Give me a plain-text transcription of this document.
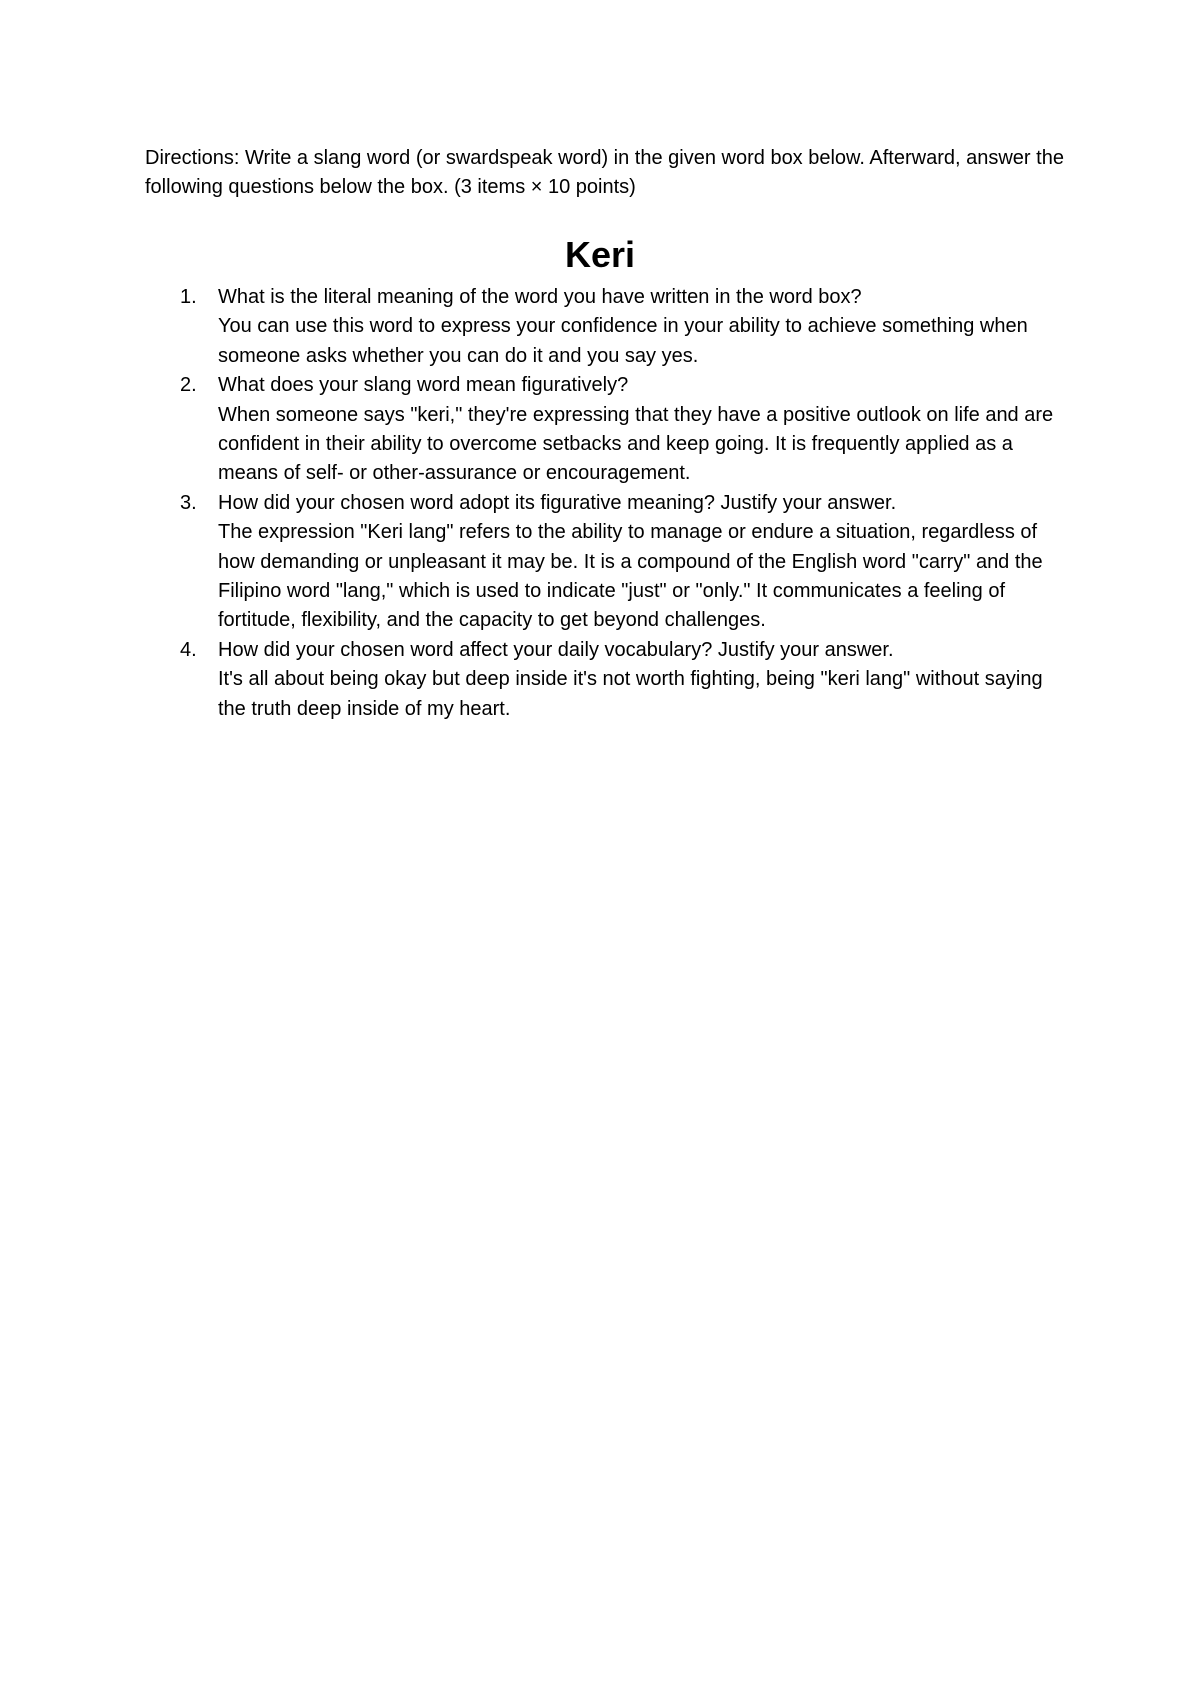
Directions: Write a slang word (or swardspeak word) in the given word box below. Afterward, answer the following questions below the box. (3 items × 10 points)

Keri
1. What is the literal meaning of the word you have written in the word box?
You can use this word to express your confidence in your ability to achieve something when someone asks whether you can do it and you say yes.
2. What does your slang word mean figuratively?
When someone says "keri," they're expressing that they have a positive outlook on life and are confident in their ability to overcome setbacks and keep going. It is frequently applied as a means of self- or other-assurance or encouragement.
3. How did your chosen word adopt its figurative meaning? Justify your answer.
The expression "Keri lang" refers to the ability to manage or endure a situation, regardless of how demanding or unpleasant it may be. It is a compound of the English word "carry" and the Filipino word "lang," which is used to indicate "just" or "only." It communicates a feeling of fortitude, flexibility, and the capacity to get beyond challenges.
4. How did your chosen word affect your daily vocabulary? Justify your answer.
It's all about being okay but deep inside it's not worth fighting, being "keri lang" without saying the truth deep inside of my heart.
